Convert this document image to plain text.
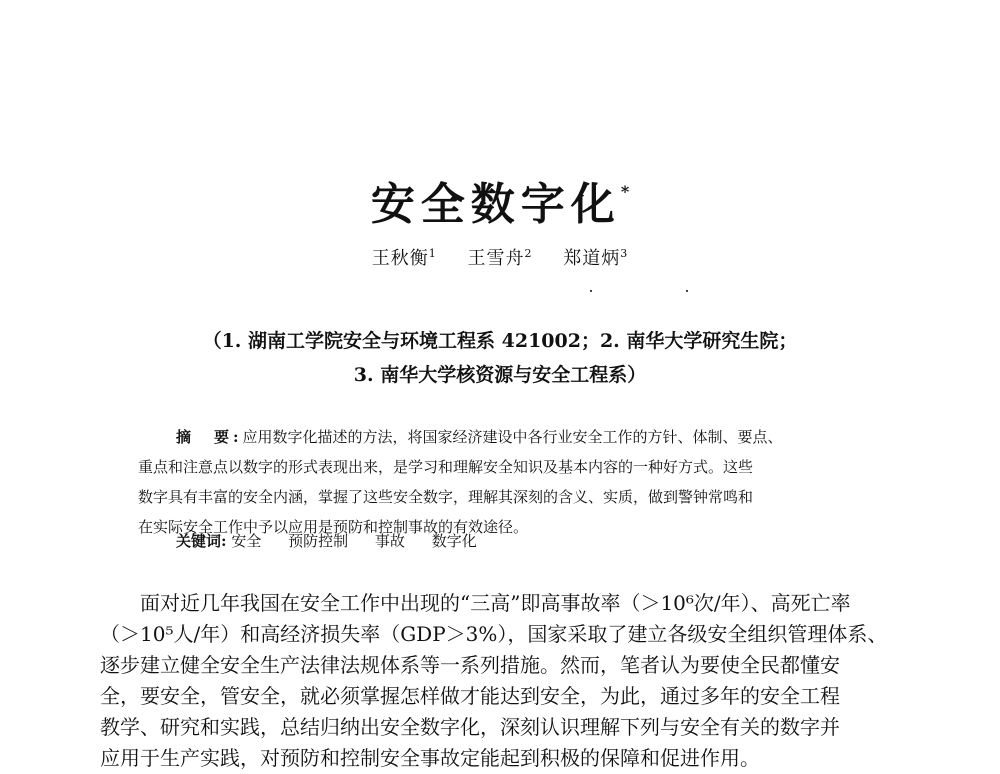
安全数字化*
王秋衡$^1$ 王雪舟$^2$ 郑道炳$^3$
（1. 湖南工学院安全与环境工程系 421002；2. 南华大学研究生院；
3. 南华大学核资源与安全工程系）
摘　要:应用数字化描述的方法，将国家经济建设中各行业安全工作的方针、体制、要点、
重点和注意点以数字的形式表现出来，是学习和理解安全知识及基本内容的一种好方式。这些
数字具有丰富的安全内涵，掌握了这些安全数字，理解其深刻的含义、实质，做到警钟常鸣和
在实际安全工作中予以应用是预防和控制事故的有效途径。
关键词: 安全 预防控制 事故 数字化
面对近几年我国在安全工作中出现的“三高”即高事故率（＞10⁶次/年）、高死亡率
（＞10⁵人/年）和高经济损失率（GDP＞3%），国家采取了建立各级安全组织管理体系、
逐步建立健全安全生产法律法规体系等一系列措施。然而，笔者认为要使全民都懂安
全，要安全，管安全，就必须掌握怎样做才能达到安全，为此，通过多年的安全工程
教学、研究和实践，总结归纳出安全数字化，深刻认识理解下列与安全有关的数字并
应用于生产实践，对预防和控制安全事故定能起到积极的保障和促进作用。
